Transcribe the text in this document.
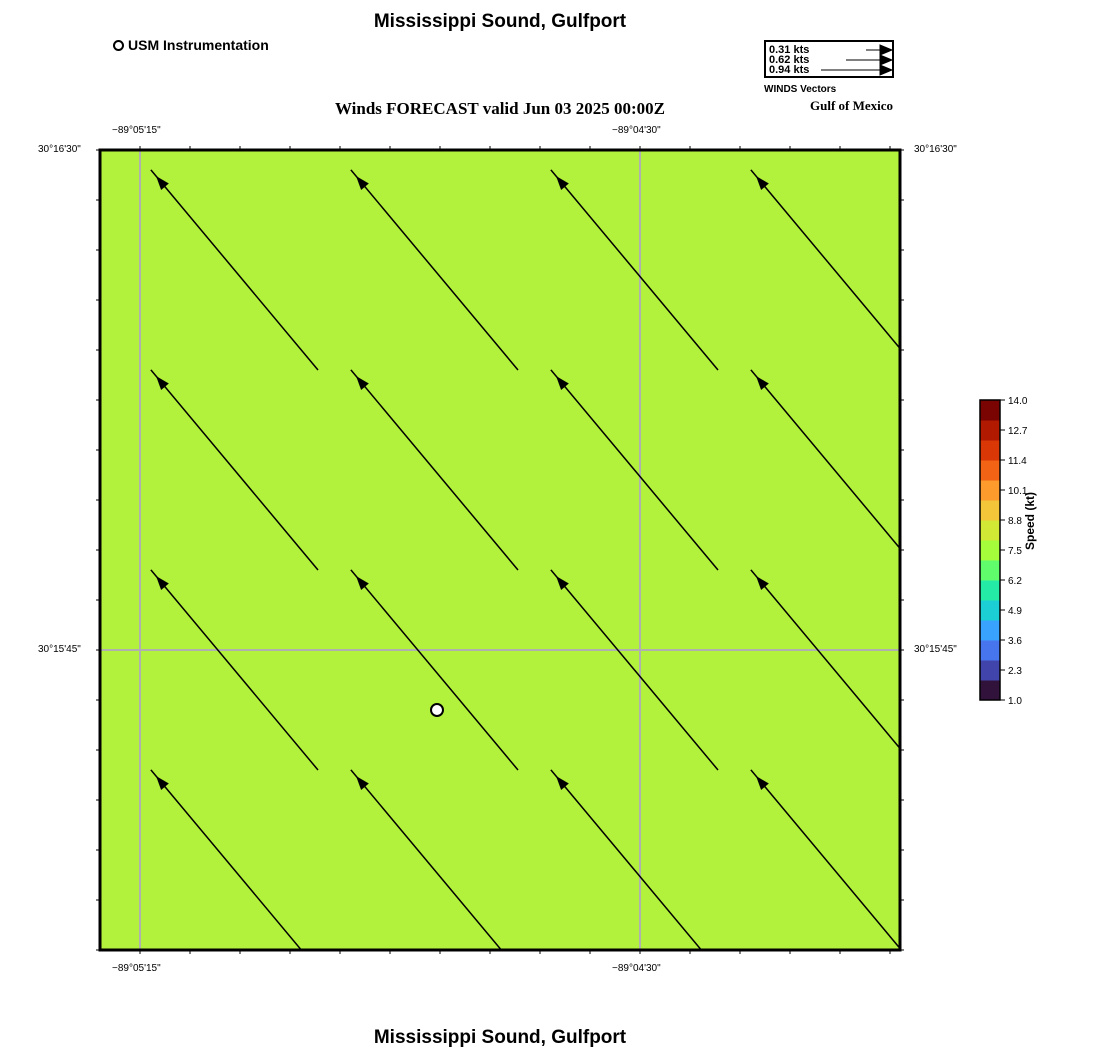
Mississippi Sound, Gulfport
USM Instrumentation	0.31 kts
0.62 kts
0.94 kts
WINDS Vectors
Winds FORECAST valid Jun 03 2025 00:00Z	Gulf of Mexico
−89°05'15"	−89°04'30"
−89°05'15"	−89°04'30"
30°16'30"
30°15'45"
30°16'30"
30°15'45"
14.0
12.7
11.4
10.1
8.8
7.5
6.2
4.9
3.6
2.3
1.0
Speed (kt)
Mississippi Sound, Gulfport
